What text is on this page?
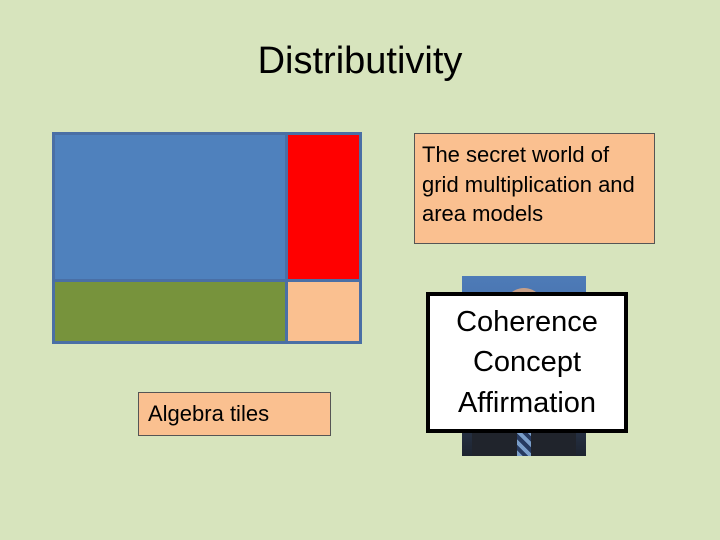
Distributivity
The secret world of grid multiplication and area models
Algebra tiles
Coherence
Concept
Affirmation
